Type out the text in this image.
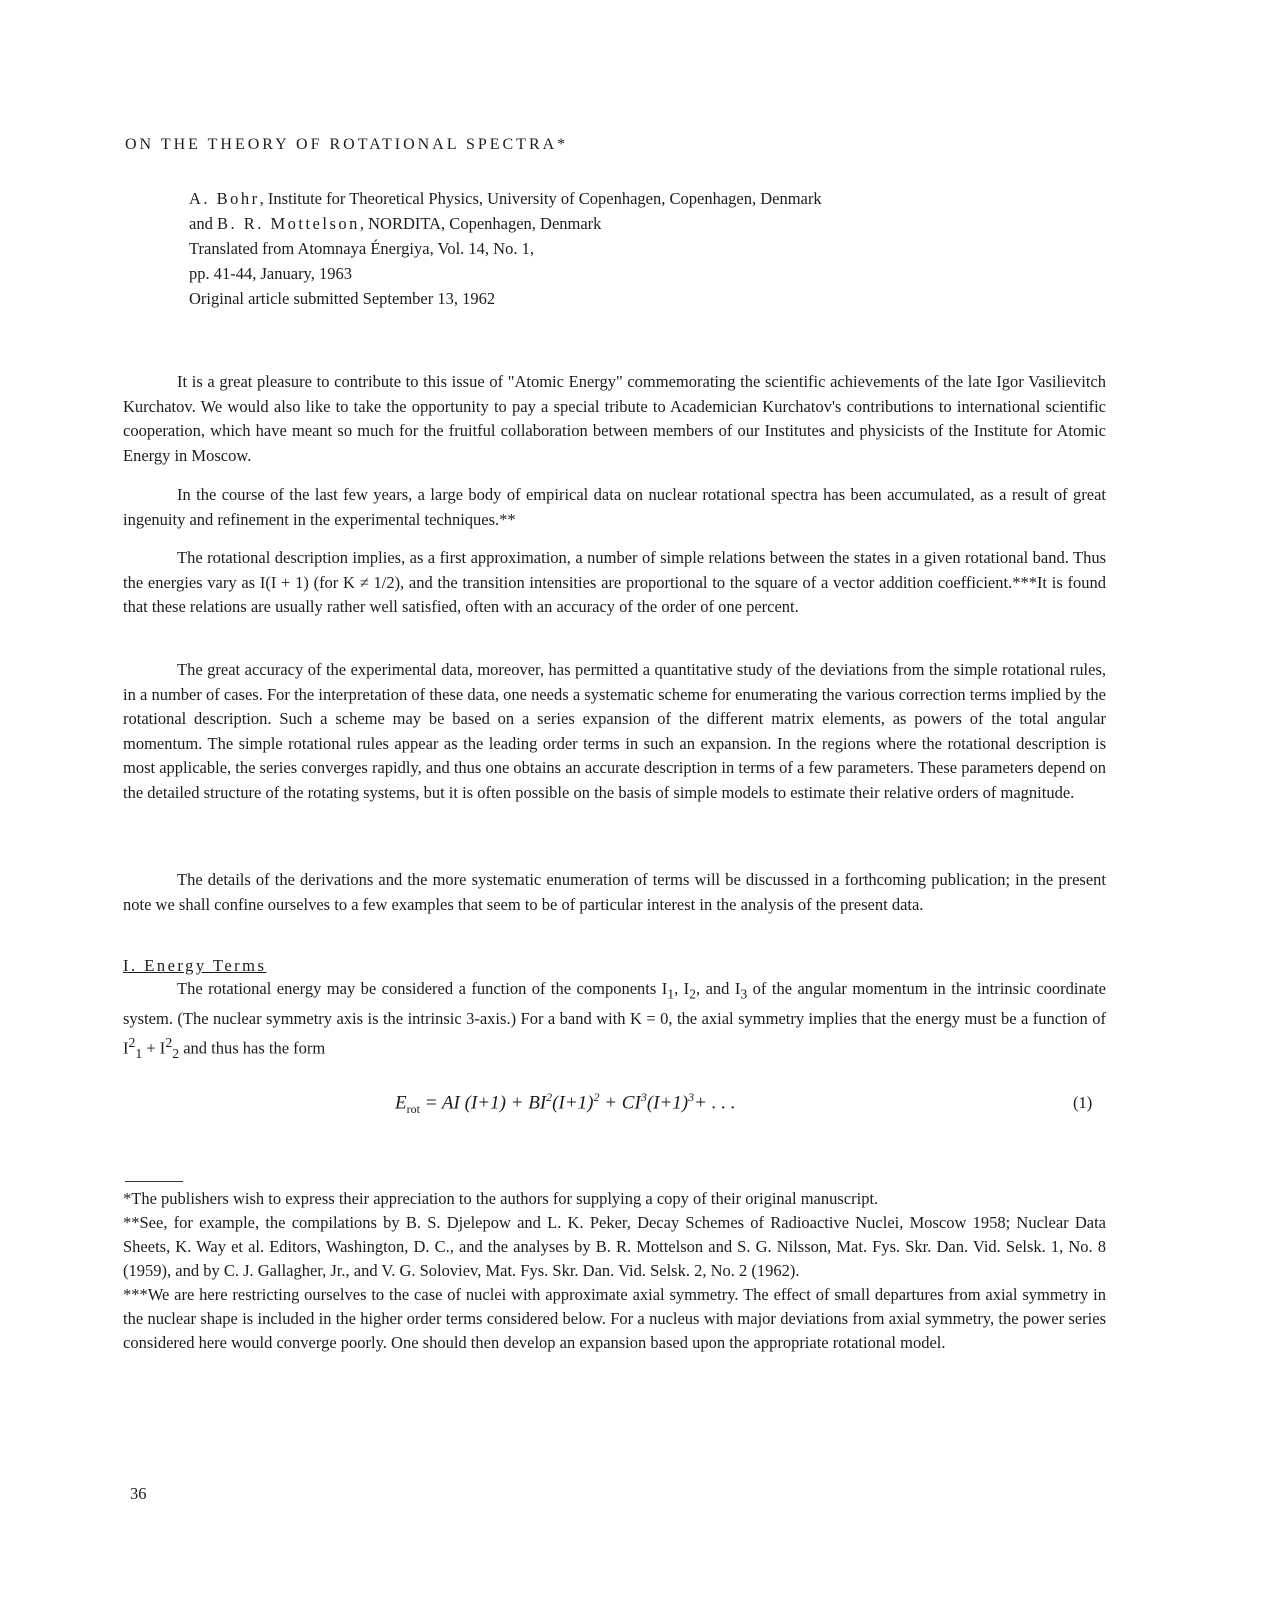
ON THE THEORY OF ROTATIONAL SPECTRA*
A. Bohr, Institute for Theoretical Physics, University of Copenhagen, Copenhagen, Denmark
and B. R. Mottelson, NORDITA, Copenhagen, Denmark
Translated from Atomnaya Énergiya, Vol. 14, No. 1,
pp. 41-44, January, 1963
Original article submitted September 13, 1962

It is a great pleasure to contribute to this issue of "Atomic Energy" commemorating the scientific achievements of the late Igor Vasilievitch Kurchatov. We would also like to take the opportunity to pay a special tribute to Academician Kurchatov's contributions to international scientific cooperation, which have meant so much for the fruitful collaboration between members of our Institutes and physicists of the Institute for Atomic Energy in Moscow.

In the course of the last few years, a large body of empirical data on nuclear rotational spectra has been accumulated, as a result of great ingenuity and refinement in the experimental techniques.**

The rotational description implies, as a first approximation, a number of simple relations between the states in a given rotational band. Thus the energies vary as I(I + 1) (for K ≠ 1/2), and the transition intensities are proportional to the square of a vector addition coefficient.***It is found that these relations are usually rather well satisfied, often with an accuracy of the order of one percent.

The great accuracy of the experimental data, moreover, has permitted a quantitative study of the deviations from the simple rotational rules, in a number of cases. For the interpretation of these data, one needs a systematic scheme for enumerating the various correction terms implied by the rotational description. Such a scheme may be based on a series expansion of the different matrix elements, as powers of the total angular momentum. The simple rotational rules appear as the leading order terms in such an expansion. In the regions where the rotational description is most applicable, the series converges rapidly, and thus one obtains an accurate description in terms of a few parameters. These parameters depend on the detailed structure of the rotating systems, but it is often possible on the basis of simple models to estimate their relative orders of magnitude.

The details of the derivations and the more systematic enumeration of terms will be discussed in a forthcoming publication; in the present note we shall confine ourselves to a few examples that seem to be of particular interest in the analysis of the present data.

I. Energy Terms

The rotational energy may be considered a function of the components $I_1$, $I_2$, and $I_3$ of the angular momentum in the intrinsic coordinate system. (The nuclear symmetry axis is the intrinsic 3-axis.) For a band with K = 0, the axial symmetry implies that the energy must be a function of $I^2_1 + I^2_2$ and thus has the form

$E_{rot}$ = AI $(I+1) + BI^2(I+1)^2 + CI^3(I+1)^3+$ . . .	(1)

*The publishers wish to express their appreciation to the authors for supplying a copy of their original manuscript.

**See, for example, the compilations by B. S. Djelepow and L. K. Peker, Decay Schemes of Radioactive Nuclei, Moscow 1958; Nuclear Data Sheets, K. Way et al. Editors, Washington, D. C., and the analyses by B. R. Mottelson and S. G. Nilsson, Mat. Fys. Skr. Dan. Vid. Selsk. 1, No. 8 (1959), and by C. J. Gallagher, Jr., and V. G. Soloviev, Mat. Fys. Skr. Dan. Vid. Selsk. 2, No. 2 (1962).

***We are here restricting ourselves to the case of nuclei with approximate axial symmetry. The effect of small departures from axial symmetry in the nuclear shape is included in the higher order terms considered below. For a nucleus with major deviations from axial symmetry, the power series considered here would converge poorly. One should then develop an expansion based upon the appropriate rotational model.

36
